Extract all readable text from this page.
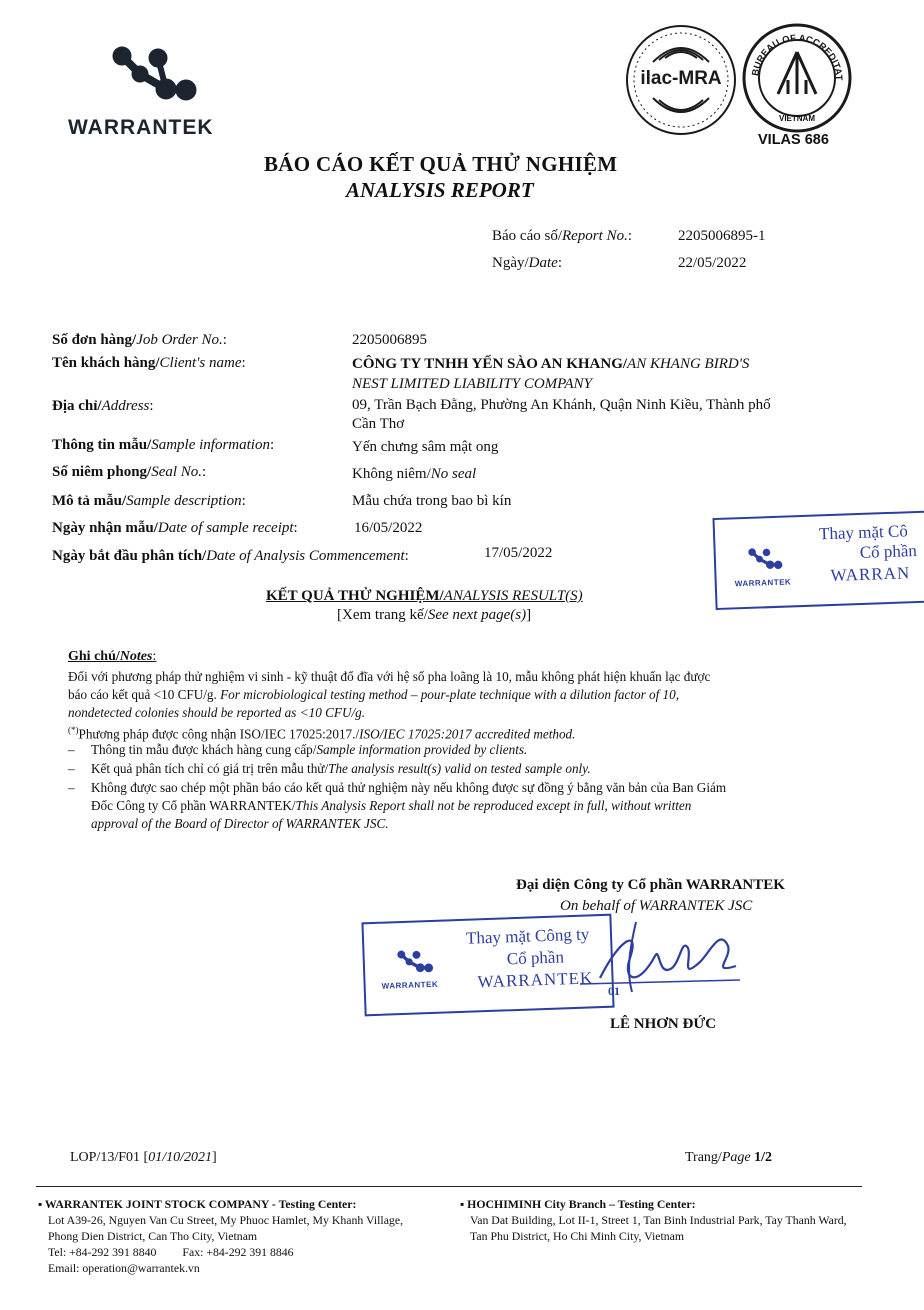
WARRANTEK
ilac-MRA	BUREAU OF ACCREDITAT
VIETNAM
VILAS 686
BÁO CÁO KẾT QUẢ THỬ NGHIỆM
ANALYSIS REPORT
Báo cáo số/Report No.:	2205006895-1
Ngày/Date:	22/05/2022
Số đơn hàng/Job Order No.:	2205006895
Tên khách hàng/Client's name:	CÔNG TY TNHH YẾN SÀO AN KHANG/AN KHANG BIRD'S
NEST LIMITED LIABILITY COMPANY
Địa chỉ/Address:	09, Trần Bạch Đằng, Phường An Khánh, Quận Ninh Kiều, Thành phố
Cần Thơ
Thông tin mẫu/Sample information:	Yến chưng sâm mật ong
Số niêm phong/Seal No.:	Không niêm/No seal
Mô tả mẫu/Sample description:	Mẫu chứa trong bao bì kín
Ngày nhận mẫu/Date of sample receipt:	16/05/2022
Ngày bắt đầu phân tích/Date of Analysis Commencement:	17/05/2022
WARRANTEK
Thay mặt Cô
Cổ phần
WARRAN
KẾT QUẢ THỬ NGHIỆM/ANALYSIS RESULT(S)
[Xem trang kế/See next page(s)]
Ghi chú/Notes:
Đối với phương pháp thử nghiệm vi sinh - kỹ thuật đổ đĩa với hệ số pha loãng là 10, mẫu không phát hiện khuẩn lạc được
báo cáo kết quả <10 CFU/g. For microbiological testing method – pour-plate technique with a dilution factor of 10,
nondetected colonies should be reported as <10 CFU/g.
(*)Phương pháp được công nhận ISO/IEC 17025:2017./ISO/IEC 17025:2017 accredited method.
– Thông tin mẫu được khách hàng cung cấp/Sample information provided by clients.
– Kết quả phân tích chỉ có giá trị trên mẫu thử/The analysis result(s) valid on tested sample only.
– Không được sao chép một phần báo cáo kết quả thử nghiệm này nếu không được sự đồng ý bằng văn bản của Ban Giám
Đốc Công ty Cổ phần WARRANTEK/This Analysis Report shall not be reproduced except in full, without written
approval of the Board of Director of WARRANTEK JSC.
Đại diện Công ty Cổ phần WARRANTEK
On behalf of WARRANTEK JSC
WARRANTEK
Thay mặt Công ty
Cổ phần
WARRANTEK 01
LÊ NHƠN ĐỨC
LOP/13/F01 [01/10/2021]	Trang/Page 1/2
▪ WARRANTEK JOINT STOCK COMPANY - Testing Center:
Lot A39-26, Nguyen Van Cu Street, My Phuoc Hamlet, My Khanh Village,
Phong Dien District, Can Tho City, Vietnam
Tel: +84-292 391 8840 Fax: +84-292 391 8846
Email: operation@warrantek.vn
▪ HOCHIMINH City Branch – Testing Center:
Van Dat Building, Lot II-1, Street 1, Tan Binh Industrial Park, Tay Thanh Ward,
Tan Phu District, Ho Chi Minh City, Vietnam
